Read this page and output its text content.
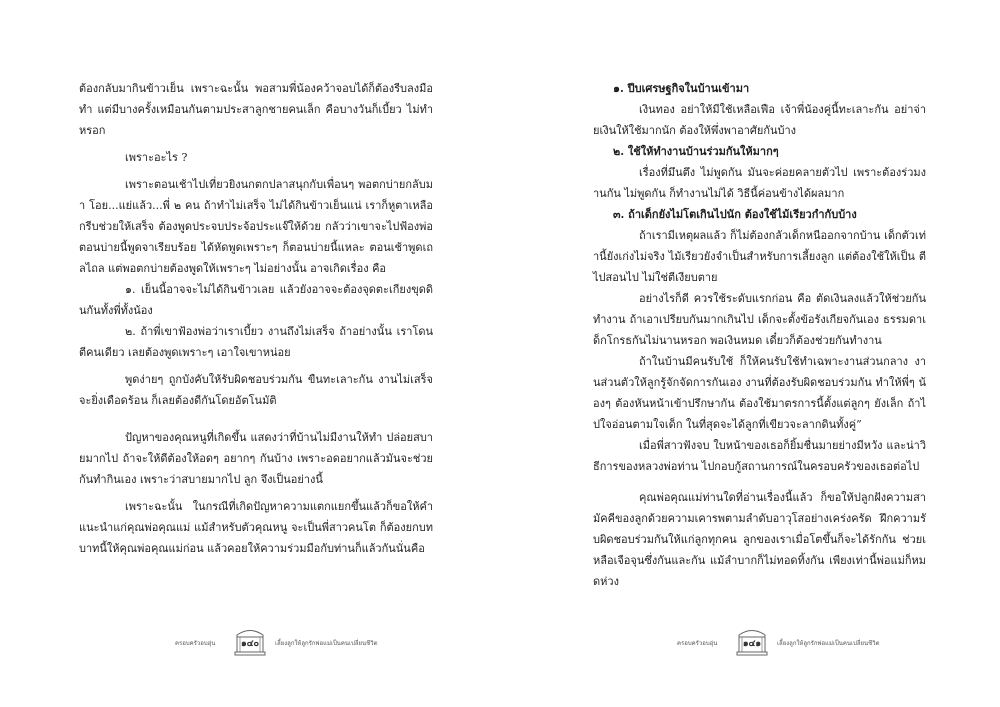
ต้องกลับมากินข้าวเย็น เพราะฉะนั้น พอสามพี่น้องคว้าจอบได้ก็ต้องรีบลงมือทำ แต่มีบางครั้งเหมือนกันตามประสาลูกชายคนเล็ก คือบางวันก็เบี้ยว ไม่ทำหรอก

เพราะอะไร ?

เพราะตอนเช้าไปเที่ยวยิงนกตกปลาสนุกกับเพื่อนๆ พอตกบ่ายกลับมา โอย...แย่แล้ว...พี่ ๒ คน ถ้าทำไม่เสร็จ ไม่ได้กินข้าวเย็นแน่ เราก็หูตาเหลือกรีบช่วยให้เสร็จ ต้องพูดประจบประจ้อประแจ๊ให้ด้วย กลัวว่าเขาจะไปฟ้องพ่อ ตอนบ่ายนี้พูดจาเรียบร้อย ได้หัดพูดเพราะๆ ก็ตอนบ่ายนี้แหละ ตอนเช้าพูดเถลไถล แต่พอตกบ่ายต้องพูดให้เพราะๆ ไม่อย่างนั้น อาจเกิดเรื่อง คือ

๑. เย็นนี้อาจจะไม่ได้กินข้าวเลย แล้วยังอาจจะต้องจุดตะเกียงขุดดินกันทั้งพี่ทั้งน้อง

๒. ถ้าพี่เขาฟ้องพ่อว่าเราเบี้ยว งานถึงไม่เสร็จ ถ้าอย่างนั้น เราโดนตีคนเดียว เลยต้องพูดเพราะๆ เอาใจเขาหน่อย

พูดง่ายๆ ถูกบังคับให้รับผิดชอบร่วมกัน ขืนทะเลาะกัน งานไม่เสร็จจะยิ่งเดือดร้อน ก็เลยต้องดีกันโดยอัตโนมัติ

ปัญหาของคุณหนูที่เกิดขึ้น แสดงว่าที่บ้านไม่มีงานให้ทำ ปล่อยสบายมากไป ถ้าจะให้ดีต้องให้อดๆ อยากๆ กันบ้าง เพราะอดอยากแล้วมันจะช่วยกันทำกินเอง เพราะว่าสบายมากไป ลูก จึงเป็นอย่างนี้

เพราะฉะนั้น ในกรณีที่เกิดปัญหาความแตกแยกขึ้นแล้วก็ขอให้คำแนะนำแก่คุณพ่อคุณแม่ แม้สำหรับตัวคุณหนู จะเป็นพี่สาวคนโต ก็ต้องยกบทบาทนี้ให้คุณพ่อคุณแม่ก่อน แล้วคอยให้ความร่วมมือกับท่านก็แล้วกันนั่นคือ

ครอบครัวอบอุ่น	๑๔๐	เลี้ยงลูกให้ลูกรักพ่อแม่เป็นคนเปลี่ยนชีวิต

๑. ปีบเศรษฐกิจในบ้านเข้ามา

เงินทอง อย่าให้มีใช้เหลือเฟือ เจ้าพี่น้องคู่นี้ทะเลาะกัน อย่าจ่ายเงินให้ใช้มากนัก ต้องให้พึ่งพาอาศัยกันบ้าง

๒. ใช้ให้ทำงานบ้านร่วมกันให้มากๆ

เรื่องที่มึนตึง ไม่พูดกัน มันจะค่อยคลายตัวไป เพราะต้องร่วมงานกัน ไม่พูดกัน ก็ทำงานไม่ได้ วิธีนี้ค่อนข้างได้ผลมาก

๓. ถ้าเด็กยังไม่โตเกินไปนัก ต้องใช้ไม้เรียวกำกับบ้าง

ถ้าเรามีเหตุผลแล้ว ก็ไม่ต้องกลัวเด็กหนีออกจากบ้าน เด็กตัวเท่านี้ยังเก่งไม่จริง ไม้เรียวยังจำเป็นสำหรับการเลี้ยงลูก แต่ต้องใช้ให้เป็น ตีไปสอนไป ไม่ใช่ตีเงียบตาย

อย่างไรก็ดี ควรใช้ระดับแรกก่อน คือ ตัดเงินลงแล้วให้ช่วยกันทำงาน ถ้าเอาเปรียบกันมากเกินไป เด็กจะตั้งข้อรังเกียจกันเอง ธรรมดาเด็กโกรธกันไม่นานหรอก พอเงินหมด เดี๋ยวก็ต้องช่วยกันทำงาน

ถ้าในบ้านมีคนรับใช้ ก็ให้คนรับใช้ทำเฉพาะงานส่วนกลาง งานส่วนตัวให้ลูกรู้จักจัดการกันเอง งานที่ต้องรับผิดชอบร่วมกัน ทำให้พี่ๆ น้องๆ ต้องหันหน้าเข้าปรึกษากัน ต้องใช้มาตรการนี้ตั้งแต่ลูกๆ ยังเล็ก ถ้าไปใจอ่อนตามใจเด็ก ในที่สุดจะได้ลูกที่เขียวจะลากดินทั้งคู่”

เมื่อพี่สาวฟังจบ ใบหน้าของเธอก็ยิ้มชื่นมายย่างมีหวัง และน่าวิธีการของหลวงพ่อท่าน ไปกอบกู้สถานการณ์ในครอบครัวของเธอต่อไป

คุณพ่อคุณแม่ท่านใดที่อ่านเรื่องนี้แล้ว ก็ขอให้ปลูกฝังความสามัคคีของลูกด้วยความเคารพตามลำดับอาวุโสอย่างเคร่งครัด ฝึกความรับผิดชอบร่วมกันให้แก่ลูกทุกคน ลูกของเราเมื่อโตขึ้นก็จะได้รักกัน ช่วยเหลือเจือจุนซึ่งกันและกัน แม้ลำบากก็ไม่ทอดทิ้งกัน เพียงเท่านี้พ่อแม่ก็หมดห่วง

ครอบครัวอบอุ่น	๑๔๑	เลี้ยงลูกให้ลูกรักพ่อแม่เป็นคนเปลี่ยนชีวิต
